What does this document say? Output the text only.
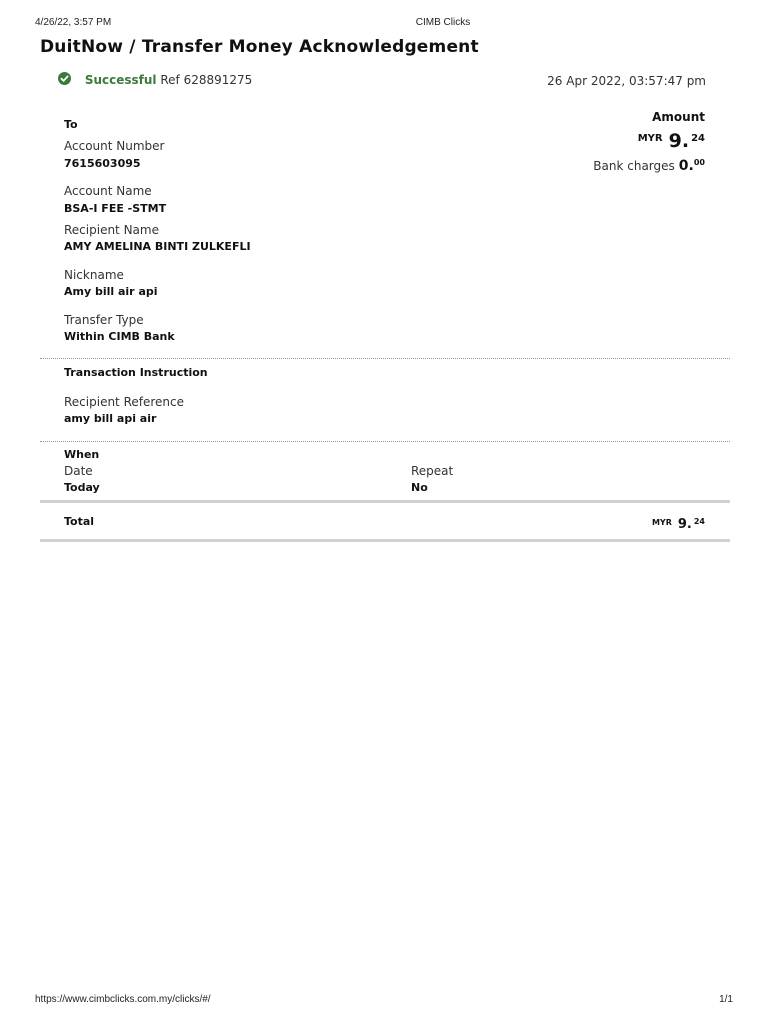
4/26/22, 3:57 PM	CIMB Clicks
DuitNow / Transfer Money Acknowledgement
Successful Ref 628891275	26 Apr 2022, 03:57:47 pm
To
Account Number
7615603095
Account Name
BSA-I FEE -STMT
Recipient Name
AMY AMELINA BINTI ZULKEFLI
Nickname
Amy bill air api
Transfer Type
Within CIMB Bank
Amount
$^{MYR}$ 9. $^{24}$
Bank charges 0.00
Transaction Instruction
Recipient Reference
amy bill api air
When
Date
Today
Repeat
No
Total	MYR 9. $^{24}$
https://www.cimbclicks.com.my/clicks/#/	1/1
